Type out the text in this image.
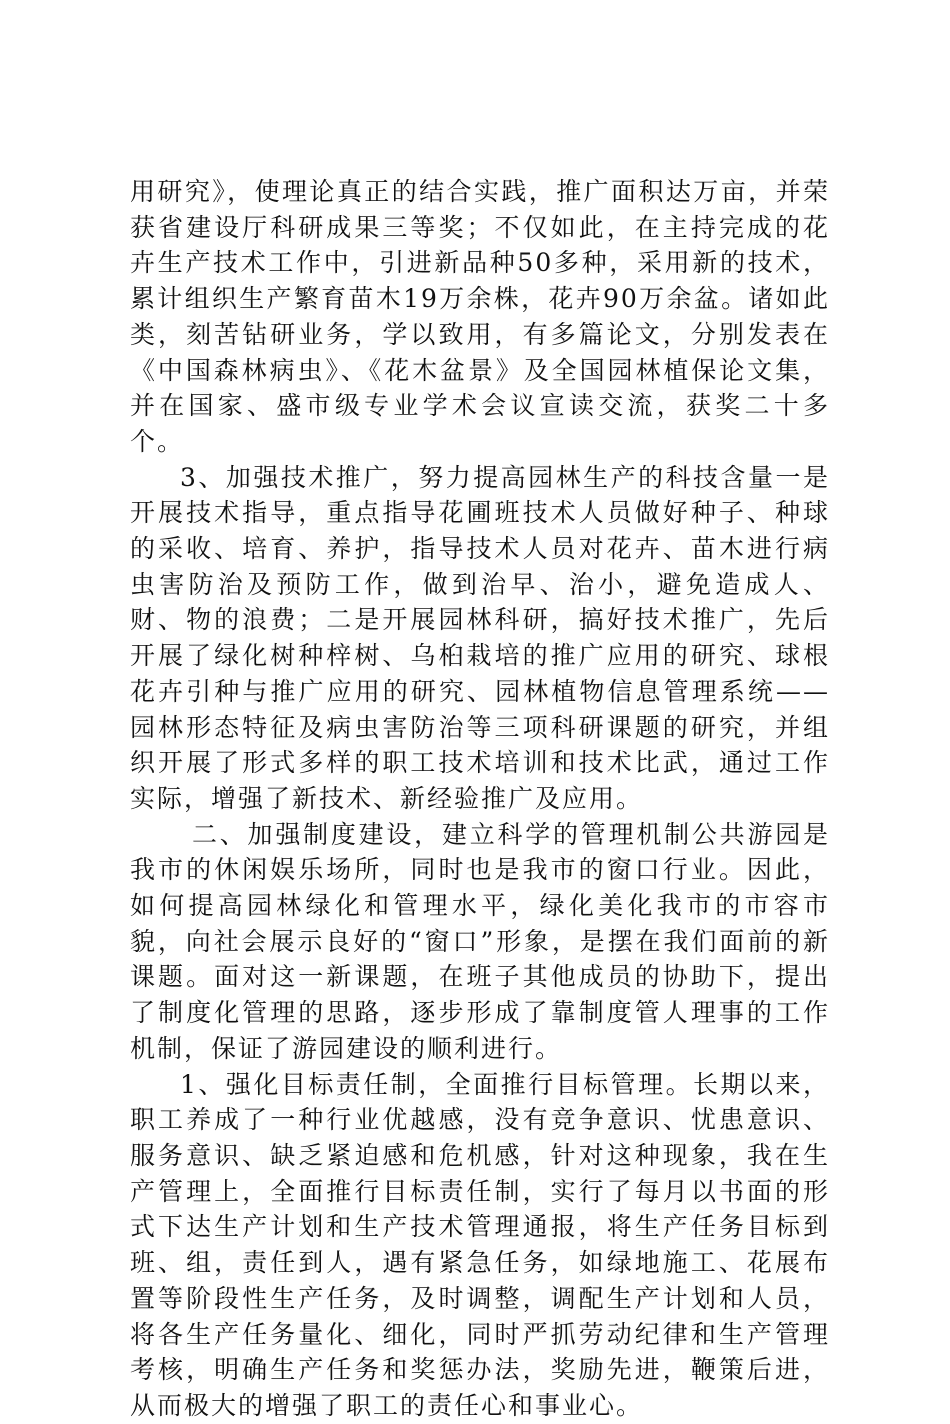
用研究》，使理论真正的结合实践，推广面积达万亩，并荣获省建设厅科研成果三等奖；不仅如此，在主持完成的花卉生产技术工作中，引进新品种50多种，采用新的技术，累计组织生产繁育苗木19万余株，花卉90万余盆。诸如此类，刻苦钻研业务，学以致用，有多篇论文，分别发表在《中国森林病虫》、《花木盆景》及全国园林植保论文集，并在国家、盛市级专业学术会议宣读交流，获奖二十多个。

3、加强技术推广，努力提高园林生产的科技含量一是开展技术指导，重点指导花圃班技术人员做好种子、种球的采收、培育、养护，指导技术人员对花卉、苗木进行病虫害防治及预防工作，做到治早、治小，避免造成人、财、物的浪费；二是开展园林科研，搞好技术推广，先后开展了绿化树种梓树、乌桕栽培的推广应用的研究、球根花卉引种与推广应用的研究、园林植物信息管理系统——园林形态特征及病虫害防治等三项科研课题的研究，并组织开展了形式多样的职工技术培训和技术比武，通过工作实际，增强了新技术、新经验推广及应用。

二、加强制度建设，建立科学的管理机制公共游园是我市的休闲娱乐场所，同时也是我市的窗口行业。因此，如何提高园林绿化和管理水平，绿化美化我市的市容市貌，向社会展示良好的“窗口”形象，是摆在我们面前的新课题。面对这一新课题，在班子其他成员的协助下，提出了制度化管理的思路，逐步形成了靠制度管人理事的工作机制，保证了游园建设的顺利进行。

1、强化目标责任制，全面推行目标管理。长期以来，职工养成了一种行业优越感，没有竞争意识、忧患意识、服务意识、缺乏紧迫感和危机感，针对这种现象，我在生产管理上，全面推行目标责任制，实行了每月以书面的形式下达生产计划和生产技术管理通报，将生产任务目标到班、组，责任到人，遇有紧急任务，如绿地施工、花展布置等阶段性生产任务，及时调整，调配生产计划和人员，将各生产任务量化、细化，同时严抓劳动纪律和生产管理考核，明确生产任务和奖惩办法，奖励先进，鞭策后进，从而极大的增强了职工的责任心和事业心。
